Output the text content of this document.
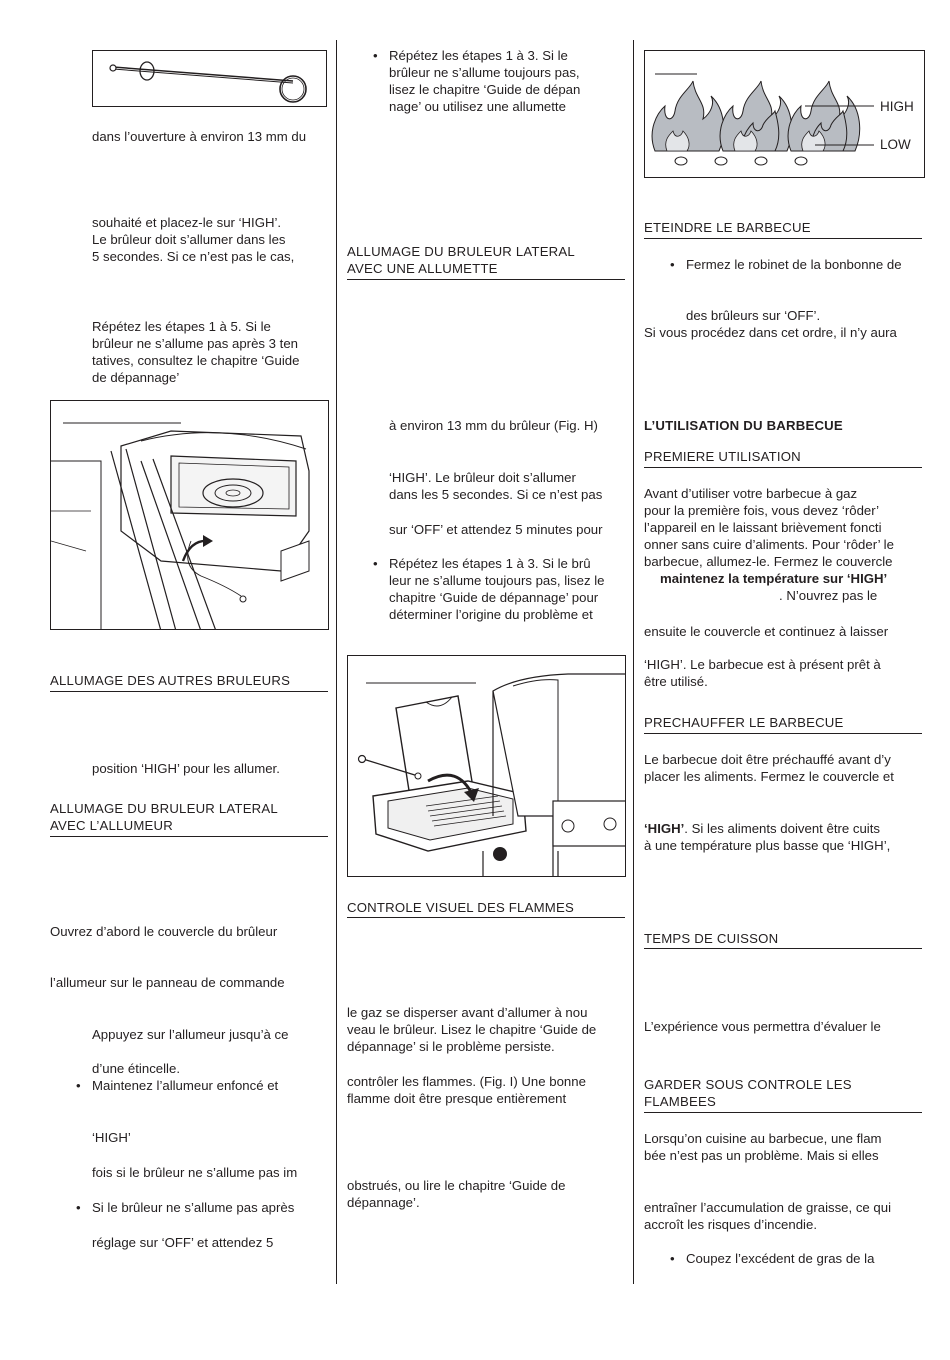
dans l’ouverture à environ 13 mm du
souhaité et placez-le sur ‘HIGH’.
Le brûleur doit s’allumer dans les
5 secondes. Si ce n’est pas le cas,
Répétez les étapes 1 à 5. Si le
brûleur ne s’allume pas après 3 ten
tatives, consultez le chapitre ‘Guide
de dépannage’
ALLUMAGE DES AUTRES BRULEURS
position ‘HIGH’ pour les allumer.
ALLUMAGE DU BRULEUR LATERAL
AVEC L’ALLUMEUR
Ouvrez d’abord le couvercle du brûleur
l’allumeur sur le panneau de commande
Appuyez sur l’allumeur jusqu’à ce
d’une étincelle.
• Maintenez l’allumeur enfoncé et
‘HIGH’
fois si le brûleur ne s’allume pas im
• Si le brûleur ne s’allume pas après
réglage sur ‘OFF’ et attendez 5
• Répétez les étapes 1 à 3. Si le
brûleur ne s’allume toujours pas,
lisez le chapitre ‘Guide de dépan
nage’ ou utilisez une allumette
ALLUMAGE DU BRULEUR LATERAL
AVEC UNE ALLUMETTE
à environ 13 mm du brûleur (Fig. H)
‘HIGH’. Le brûleur doit s’allumer
dans les 5 secondes. Si ce n’est pas
sur ‘OFF’ et attendez 5 minutes pour
• Répétez les étapes 1 à 3. Si le brû
leur ne s’allume toujours pas, lisez le
chapitre ‘Guide de dépannage’ pour
déterminer l’origine du problème et
CONTROLE VISUEL DES FLAMMES
le gaz se disperser avant d’allumer à nou
veau le brûleur. Lisez le chapitre ‘Guide de
dépannage’ si le problème persiste.
contrôler les flammes. (Fig. I) Une bonne
flamme doit être presque entièrement
obstrués, ou lire le chapitre ‘Guide de
dépannage’.
HIGH
LOW
ETEINDRE LE BARBECUE
• Fermez le robinet de la bonbonne de
des brûleurs sur ‘OFF’.
Si vous procédez dans cet ordre, il n’y aura
L’UTILISATION DU BARBECUE
PREMIERE UTILISATION
Avant d’utiliser votre barbecue à gaz
pour la première fois, vous devez ‘rôder’
l’appareil en le laissant brièvement foncti
onner sans cuire d’aliments. Pour ‘rôder’ le
barbecue, allumez-le. Fermez le couvercle
maintenez la température sur ‘HIGH’
. N’ouvrez pas le
ensuite le couvercle et continuez à laisser
‘HIGH’. Le barbecue est à présent prêt à
être utilisé.
PRECHAUFFER LE BARBECUE
Le barbecue doit être préchauffé avant d’y
placer les aliments. Fermez le couvercle et
‘HIGH’. Si les aliments doivent être cuits
à une température plus basse que ‘HIGH’,
TEMPS DE CUISSON
L’expérience vous permettra d’évaluer le
GARDER SOUS CONTROLE LES
FLAMBEES
Lorsqu’on cuisine au barbecue, une flam
bée n’est pas un problème. Mais si elles
entraîner l’accumulation de graisse, ce qui
accroît les risques d’incendie.
• Coupez l’excédent de gras de la
